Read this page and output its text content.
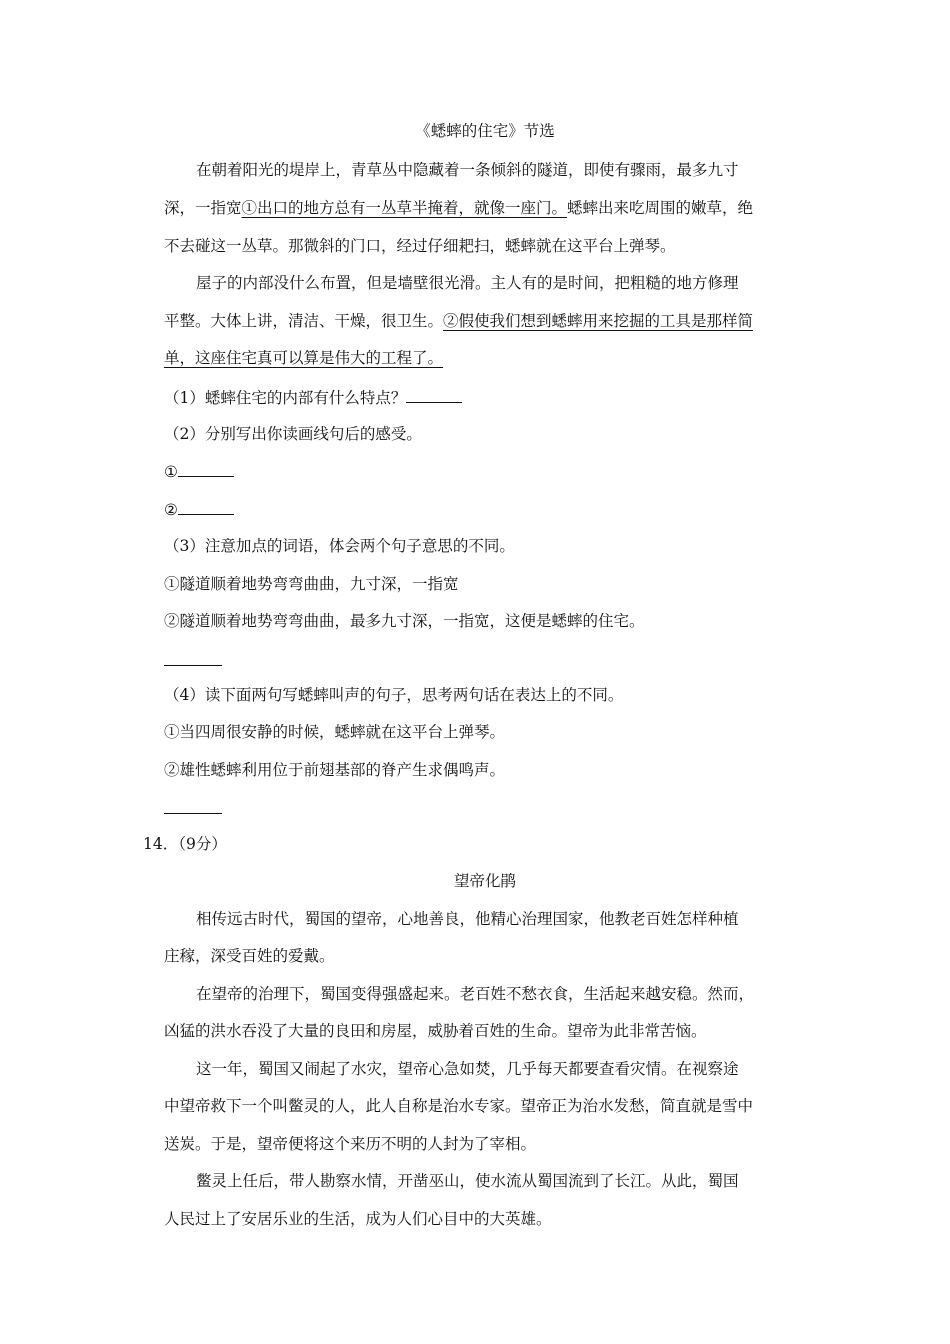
《蟋蟀的住宅》节选
在朝着阳光的堤岸上，青草丛中隐藏着一条倾斜的隧道，即使有骤雨，最多九寸
深，一指宽①出口的地方总有一丛草半掩着，就像一座门。蟋蟀出来吃周围的嫩草，绝
不去碰这一丛草。那微斜的门口，经过仔细耙扫，蟋蟀就在这平台上弹琴。
屋子的内部没什么布置，但是墙壁很光滑。主人有的是时间，把粗糙的地方修理
平整。大体上讲，清洁、干燥，很卫生。②假使我们想到蟋蟀用来挖掘的工具是那样简
单，这座住宅真可以算是伟大的工程了。
（1）蟋蟀住宅的内部有什么特点？
（2）分别写出你读画线句后的感受。
①
②
（3）注意加点的词语，体会两个句子意思的不同。
①隧道顺着地势弯弯曲曲，九寸深，一指宽
②隧道顺着地势弯弯曲曲，最多九寸深，一指宽，这便是蟋蟀的住宅。
（4）读下面两句写蟋蟀叫声的句子，思考两句话在表达上的不同。
①当四周很安静的时候，蟋蟀就在这平台上弹琴。
②雄性蟋蟀利用位于前翅基部的脊产生求偶鸣声。
14．（9分）
望帝化鹃
相传远古时代，蜀国的望帝，心地善良，他精心治理国家，他教老百姓怎样种植
庄稼，深受百姓的爱戴。
在望帝的治理下，蜀国变得强盛起来。老百姓不愁衣食，生活起来越安稳。然而，
凶猛的洪水吞没了大量的良田和房屋，威胁着百姓的生命。望帝为此非常苦恼。
这一年，蜀国又闹起了水灾，望帝心急如焚，几乎每天都要查看灾情。在视察途
中望帝救下一个叫鳖灵的人，此人自称是治水专家。望帝正为治水发愁，简直就是雪中
送炭。于是，望帝便将这个来历不明的人封为了宰相。
鳖灵上任后，带人勘察水情，开凿巫山，使水流从蜀国流到了长江。从此，蜀国
人民过上了安居乐业的生活，成为人们心目中的大英雄。
